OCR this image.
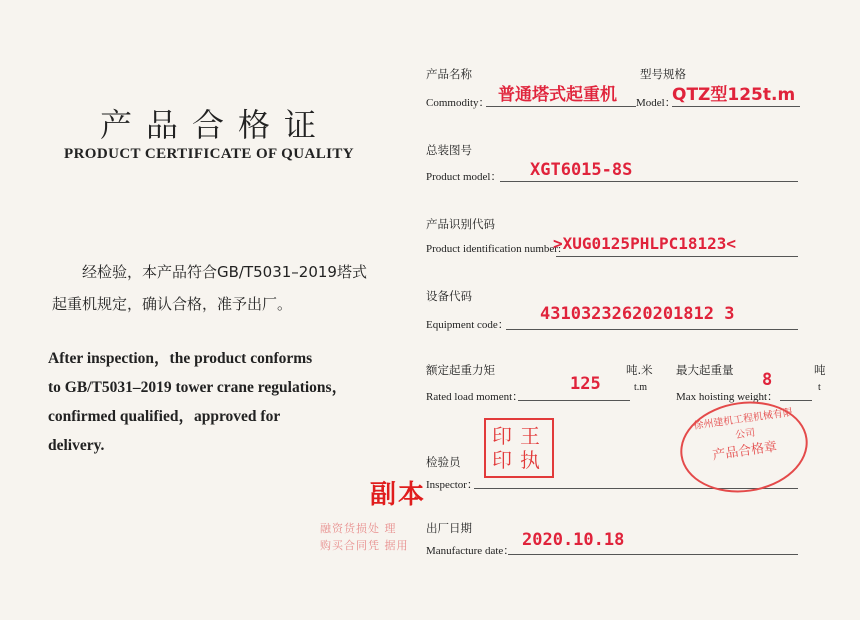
产品合格证
PRODUCT CERTIFICATE OF QUALITY
经检验，本产品符合GB/T5031–2019塔式
起重机规定，确认合格，准予出厂。
After inspection，the product conforms
to GB/T5031–2019 tower crane regulations，
confirmed qualified，approved for
delivery.
产品名称
Commodity： 普通塔式起重机
型号规格
Model：
QTZ型125t.m
总装图号
Product model： XGT6015-8S
产品识别代码
Product identification number:
>XUG0125PHLPC18123<
设备代码
Equipment code：
43103232620201812 3
额定起重力矩
Rated load moment：
125
吨.米
t.m
最大起重量
Max hoisting weight：
8	吨
t
检验员
Inspector：
出厂日期
Manufacture date：
2020.10.18
印 王
印 执
副本
徐州建机工程机械有限公司
产品合格章
融资货损处 理
购买合同凭 据用
